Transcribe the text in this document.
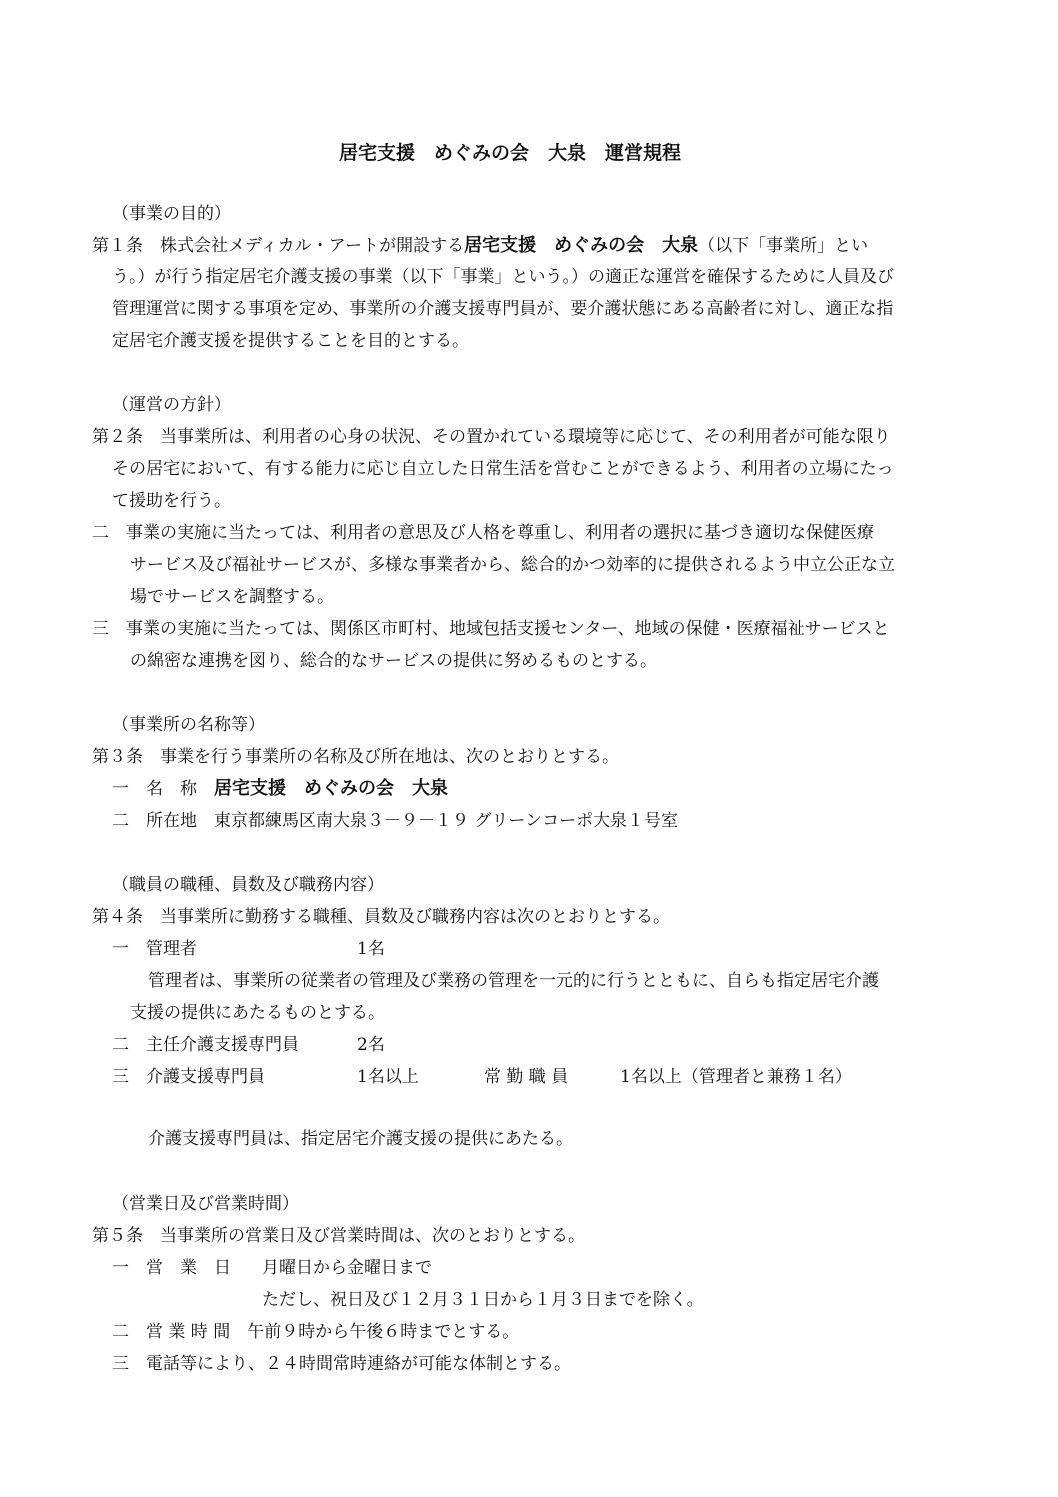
居宅支援　めぐみの会　大泉　運営規程
（事業の目的）
第１条　株式会社メディカル・アートが開設する居宅支援　めぐみの会　大泉（以下「事業所」とい
う。）が行う指定居宅介護支援の事業（以下「事業」という。）の適正な運営を確保するために人員及び
管理運営に関する事項を定め、事業所の介護支援専門員が、要介護状態にある高齢者に対し、適正な指
定居宅介護支援を提供することを目的とする。
（運営の方針）
第２条　当事業所は、利用者の心身の状況、その置かれている環境等に応じて、その利用者が可能な限り
その居宅において、有する能力に応じ自立した日常生活を営むことができるよう、利用者の立場にたっ
て援助を行う。
二　事業の実施に当たっては、利用者の意思及び人格を尊重し、利用者の選択に基づき適切な保健医療
サービス及び福祉サービスが、多様な事業者から、総合的かつ効率的に提供されるよう中立公正な立
場でサービスを調整する。
三　事業の実施に当たっては、関係区市町村、地域包括支援センター、地域の保健・医療福祉サービスと
の綿密な連携を図り、総合的なサービスの提供に努めるものとする。
（事業所の名称等）
第３条　事業を行う事業所の名称及び所在地は、次のとおりとする。
一　名　称　 居宅支援　めぐみの会　大泉
二　所在地　東京都練馬区南大泉３－９－１９ グリーンコーポ大泉１号室
（職員の職種、員数及び職務内容）
第４条　当事業所に勤務する職種、員数及び職務内容は次のとおりとする。
一　管理者	1名
管理者は、事業所の従業者の管理及び業務の管理を一元的に行うとともに、自らも指定居宅介護
支援の提供にあたるものとする。
二　主任介護支援専門員	2名
三　介護支援専門員	1名以上	常 勤 職 員	1名以上（管理者と兼務１名）
介護支援専門員は、指定居宅介護支援の提供にあたる。
（営業日及び営業時間）
第５条　当事業所の営業日及び営業時間は、次のとおりとする。
一　営　業　日 月曜日から金曜日まで
ただし、祝日及び１２月３１日から１月３日までを除く。
二　営 業 時 間　午前９時から午後６時までとする。
三　電話等により、２４時間常時連絡が可能な体制とする。
